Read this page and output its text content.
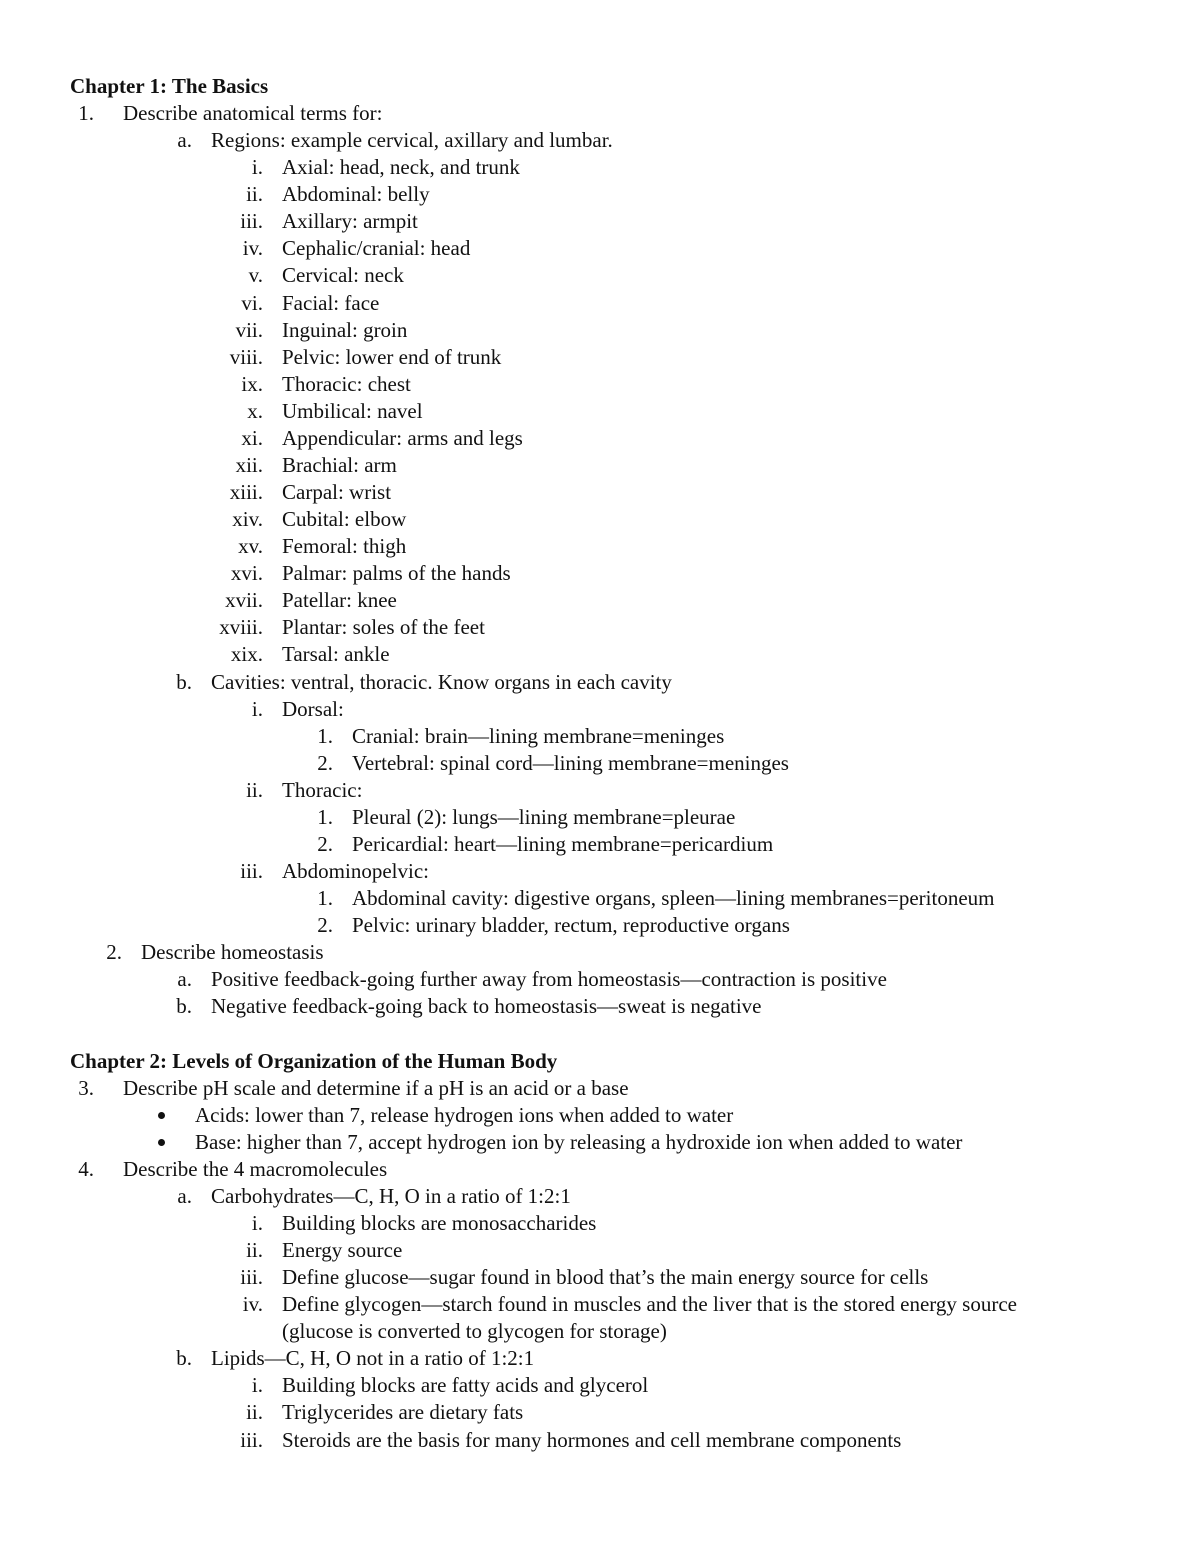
Chapter 1: The Basics
1. Describe anatomical terms for:
a. Regions: example cervical, axillary and lumbar.
i. Axial: head, neck, and trunk
ii. Abdominal: belly
iii. Axillary: armpit
iv. Cephalic/cranial: head
v. Cervical: neck
vi. Facial: face
vii. Inguinal: groin
viii. Pelvic: lower end of trunk
ix. Thoracic: chest
x. Umbilical: navel
xi. Appendicular: arms and legs
xii. Brachial: arm
xiii. Carpal: wrist
xiv. Cubital: elbow
xv. Femoral: thigh
xvi. Palmar: palms of the hands
xvii. Patellar: knee
xviii. Plantar: soles of the feet
xix. Tarsal: ankle
b. Cavities: ventral, thoracic. Know organs in each cavity
i. Dorsal:
1. Cranial: brain—lining membrane=meninges
2. Vertebral: spinal cord—lining membrane=meninges
ii. Thoracic:
1. Pleural (2): lungs—lining membrane=pleurae
2. Pericardial: heart—lining membrane=pericardium
iii. Abdominopelvic:
1. Abdominal cavity: digestive organs, spleen—lining membranes=peritoneum
2. Pelvic: urinary bladder, rectum, reproductive organs
2. Describe homeostasis
a. Positive feedback-going further away from homeostasis—contraction is positive
b. Negative feedback-going back to homeostasis—sweat is negative
Chapter 2: Levels of Organization of the Human Body
3. Describe pH scale and determine if a pH is an acid or a base
Acids: lower than 7, release hydrogen ions when added to water
Base: higher than 7, accept hydrogen ion by releasing a hydroxide ion when added to water
4. Describe the 4 macromolecules
a. Carbohydrates—C, H, O in a ratio of 1:2:1
i. Building blocks are monosaccharides
ii. Energy source
iii. Define glucose—sugar found in blood that’s the main energy source for cells
iv. Define glycogen—starch found in muscles and the liver that is the stored energy source
(glucose is converted to glycogen for storage)
b. Lipids—C, H, O not in a ratio of 1:2:1
i. Building blocks are fatty acids and glycerol
ii. Triglycerides are dietary fats
iii. Steroids are the basis for many hormones and cell membrane components
